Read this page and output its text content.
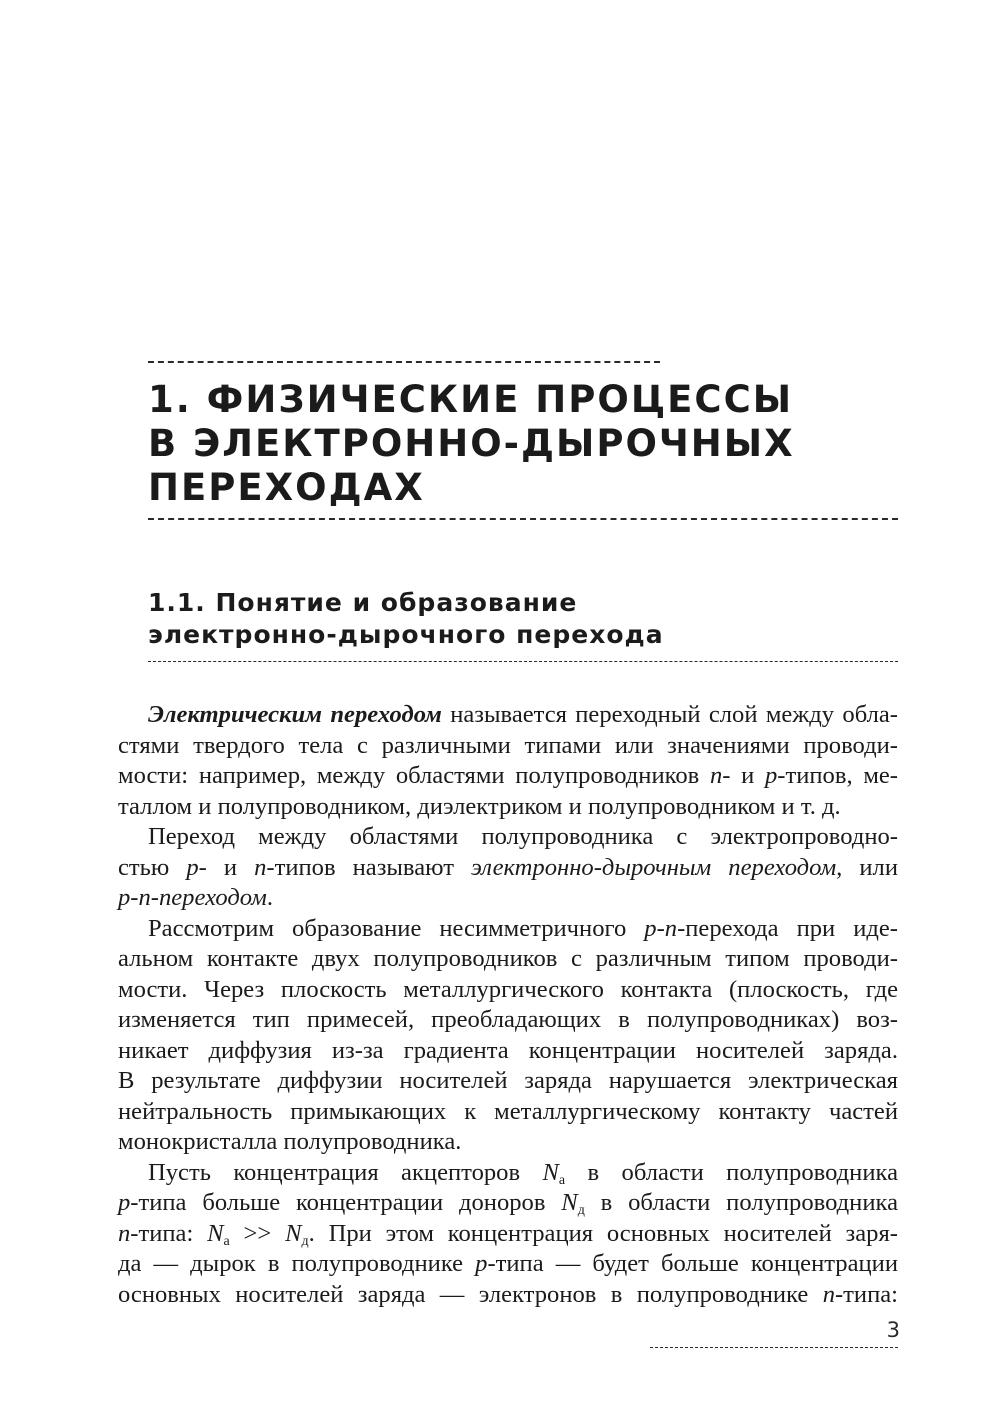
1. ФИЗИЧЕСКИЕ ПРОЦЕССЫ
В ЭЛЕКТРОННО-ДЫРОЧНЫХ
ПЕРЕХОДАХ
1.1. Понятие и образование
электронно-дырочного перехода

Электрическим переходом называется переходный слой между обла-
стями твердого тела с различными типами или значениями проводи-
мости: например, между областями полупроводников n- и p-типов, ме-
таллом и полупроводником, диэлектриком и полупроводником и т. д.

Переход между областями полупроводника с электропроводно-
стью p- и n-типов называют электронно-дырочным переходом, или
p-n-переходом.

Рассмотрим образование несимметричного p-n-перехода при иде-
альном контакте двух полупроводников с различным типом проводи-
мости. Через плоскость металлургического контакта (плоскость, где
изменяется тип примесей, преобладающих в полупроводниках) воз-
никает диффузия из-за градиента концентрации носителей заряда.
В результате диффузии носителей заряда нарушается электрическая
нейтральность примыкающих к металлургическому контакту частей
монокристалла полупроводника.

Пусть концентрация акцепторов $N_а$ в области полупроводника
p-типа больше концентрации доноров $N_д$ в области полупроводника
n-типа: $N_а >> N_д$. При этом концентрация основных носителей заря-
да — дырок в полупроводнике p-типа — будет больше концентрации
основных носителей заряда — электронов в полупроводнике n-типа:

3
